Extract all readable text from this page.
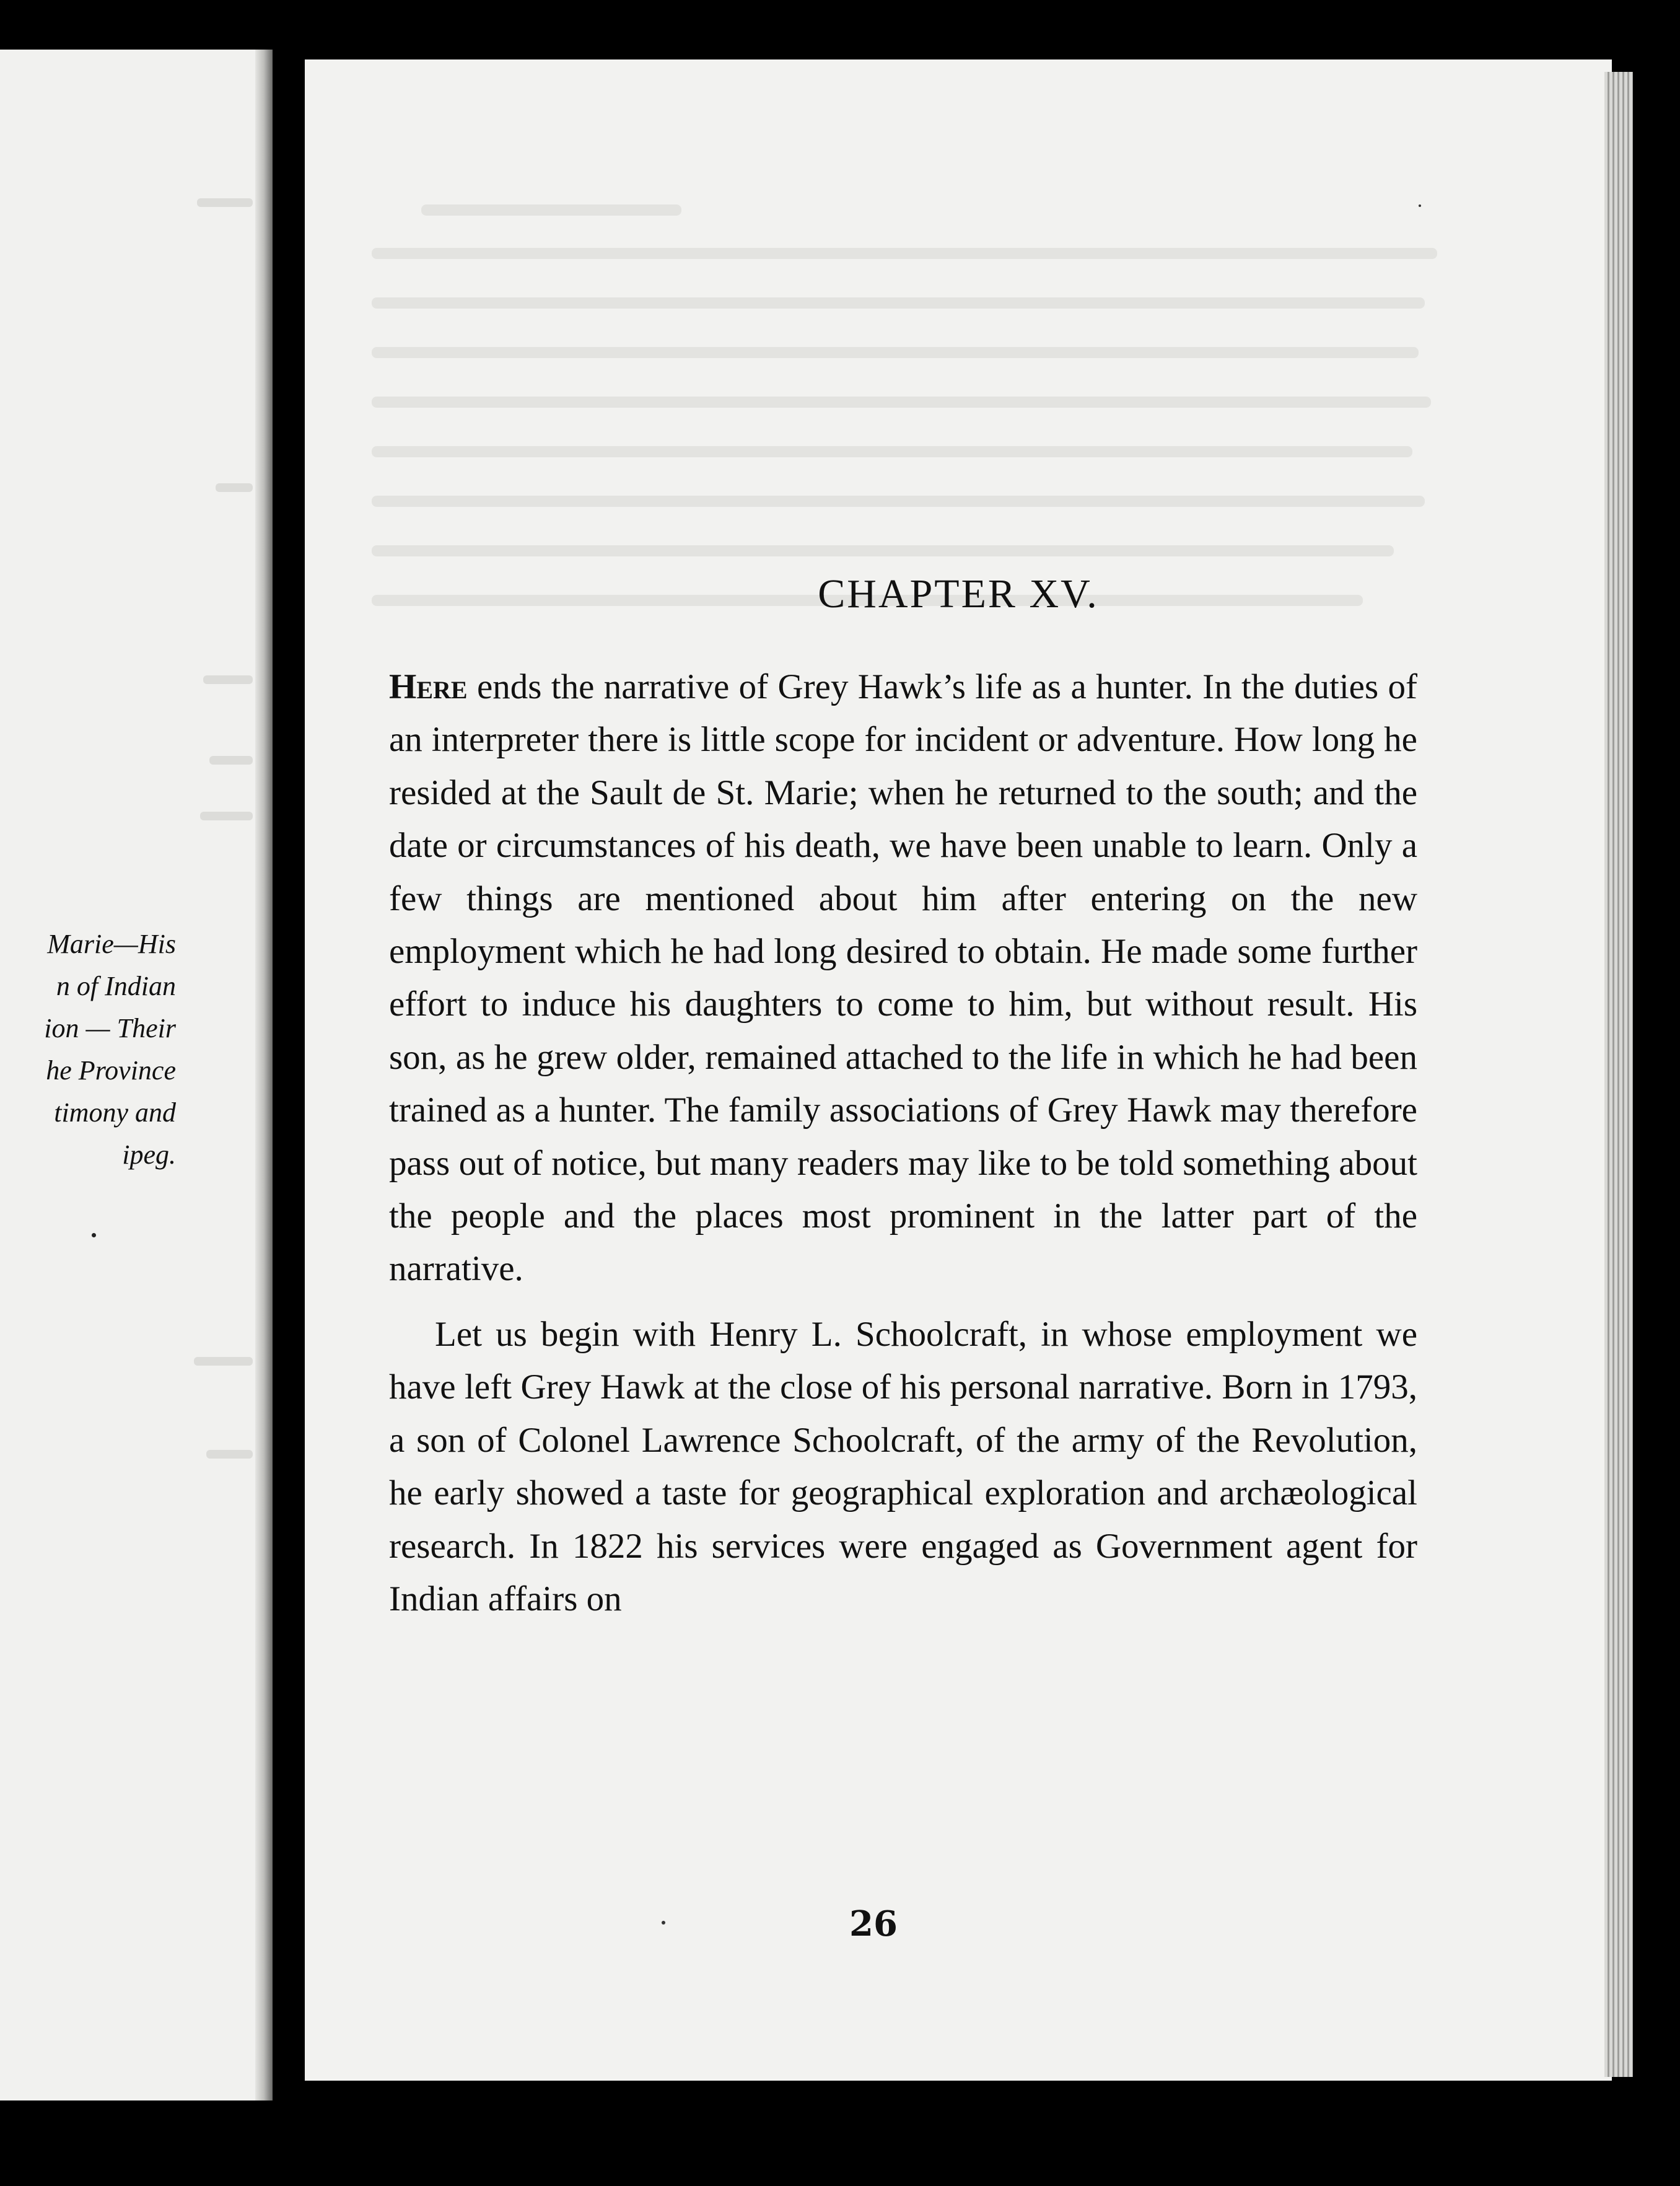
Marie—His
n of Indian
ion — Their
he Province
timony and
ipeg.
CHAPTER XV.

Here ends the narrative of Grey Hawk’s life as a hunter. In the duties of an interpreter there is little scope for incident or adventure. How long he resided at the Sault de St. Marie; when he returned to the south; and the date or circumstances of his death, we have been unable to learn. Only a few things are mentioned about him after entering on the new employment which he had long desired to obtain. He made some further effort to induce his daughters to come to him, but without result. His son, as he grew older, remained attached to the life in which he had been trained as a hunter. The family associations of Grey Hawk may therefore pass out of notice, but many readers may like to be told something about the people and the places most prominent in the latter part of the narrative.

Let us begin with Henry L. Schoolcraft, in whose employment we have left Grey Hawk at the close of his personal narrative. Born in 1793, a son of Colonel Lawrence Schoolcraft, of the army of the Revolution, he early showed a taste for geographical exploration and archæological research. In 1822 his services were engaged as Government agent for Indian affairs on

26
